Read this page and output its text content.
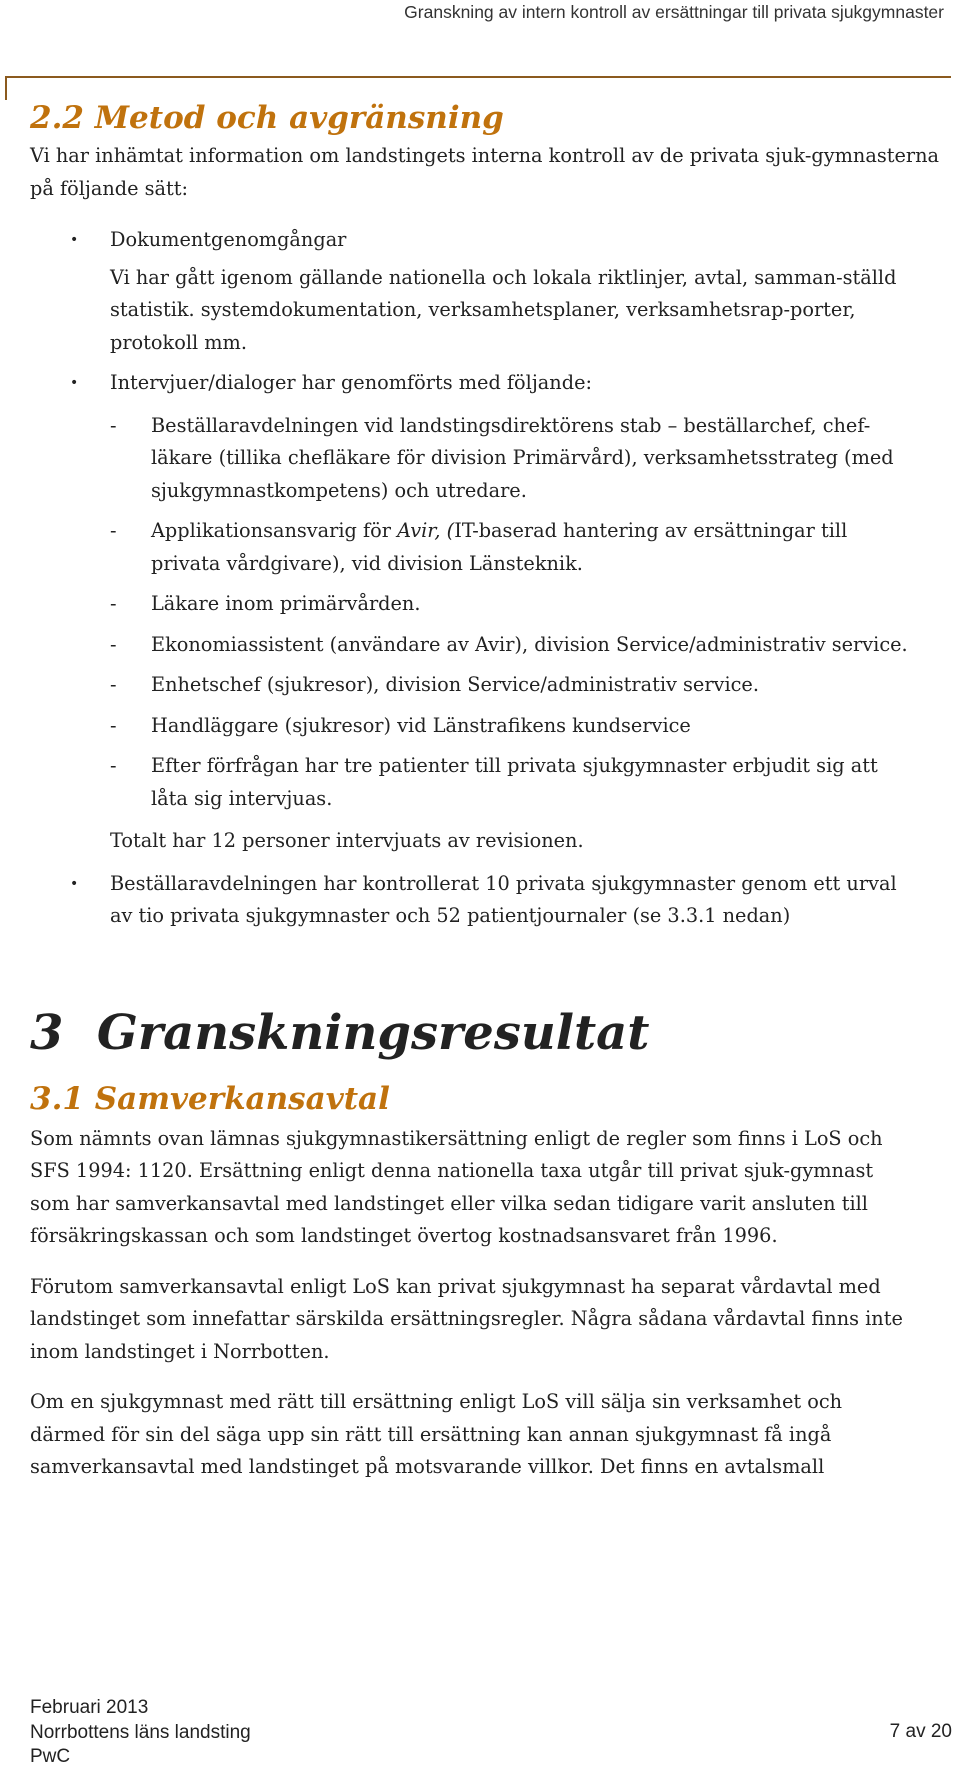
Granskning av intern kontroll av ersättningar till privata sjukgymnaster
2.2 Metod och avgränsning

Vi har inhämtat information om landstingets interna kontroll av de privata sjuk-gymnasterna på följande sätt:

• Dokumentgenomgångar

Vi har gått igenom gällande nationella och lokala riktlinjer, avtal, samman-ställd statistik. systemdokumentation, verksamhetsplaner, verksamhetsrap-porter, protokoll mm.

• Intervjuer/dialoger har genomförts med följande:

- Beställaravdelningen vid landstingsdirektörens stab – beställarchef, chef-läkare (tillika chefläkare för division Primärvård), verksamhetsstrateg (med sjukgymnastkompetens) och utredare.
- Applikationsansvarig för Avir, (IT-baserad hantering av ersättningar till privata vårdgivare), vid division Länsteknik.
- Läkare inom primärvården.
- Ekonomiassistent (användare av Avir), division Service/administrativ service.
- Enhetschef (sjukresor), division Service/administrativ service.
- Handläggare (sjukresor) vid Länstrafikens kundservice
- Efter förfrågan har tre patienter till privata sjukgymnaster erbjudit sig att låta sig intervjuas.

Totalt har 12 personer intervjuats av revisionen.

• Beställaravdelningen har kontrollerat 10 privata sjukgymnaster genom ett urval av tio privata sjukgymnaster och 52 patientjournaler (se 3.3.1 nedan)

3  Granskningsresultat
3.1 Samverkansavtal

Som nämnts ovan lämnas sjukgymnastikersättning enligt de regler som finns i LoS och SFS 1994: 1120. Ersättning enligt denna nationella taxa utgår till privat sjuk-gymnast som har samverkansavtal med landstinget eller vilka sedan tidigare varit ansluten till försäkringskassan och som landstinget övertog kostnadsansvaret från 1996.

Förutom samverkansavtal enligt LoS kan privat sjukgymnast ha separat vårdavtal med landstinget som innefattar särskilda ersättningsregler. Några sådana vårdavtal finns inte inom landstinget i Norrbotten.

Om en sjukgymnast med rätt till ersättning enligt LoS vill sälja sin verksamhet och därmed för sin del säga upp sin rätt till ersättning kan annan sjukgymnast få ingå samverkansavtal med landstinget på motsvarande villkor. Det finns en avtalsmall

Februari 2013
Norrbottens läns landsting
PwC
7 av 20
